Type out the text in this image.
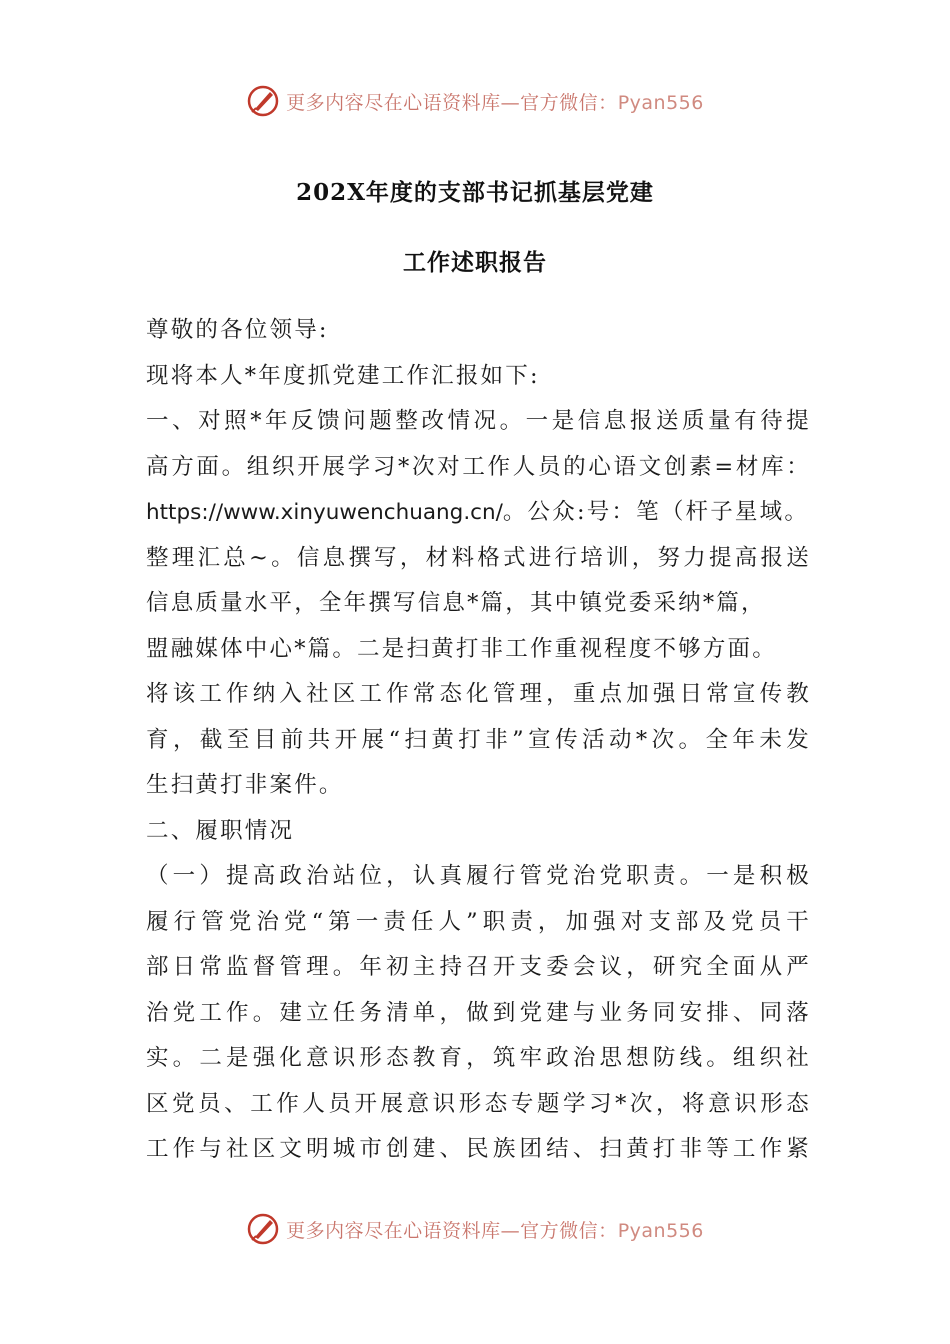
更多内容尽在心语资料库—官方微信：Pyan556
202X年度的支部书记抓基层党建
工作述职报告
尊敬的各位领导:
现将本人*年度抓党建工作汇报如下:
一、对照*年反馈问题整改情况。一是信息报送质量有待提
高方面。组织开展学习*次对工作人员的心语文创素=材库：
https://www.xinyuwenchuang.cn/。公众:号：笔（杆子星域。
整理汇总~。信息撰写，材料格式进行培训，努力提高报送
信息质量水平，全年撰写信息*篇，其中镇党委采纳*篇，
盟融媒体中心*篇。二是扫黄打非工作重视程度不够方面。
将该工作纳入社区工作常态化管理，重点加强日常宣传教
育，截至目前共开展“扫黄打非”宣传活动*次。全年未发
生扫黄打非案件。
二、履职情况
（一）提高政治站位，认真履行管党治党职责。一是积极
履行管党治党“第一责任人”职责，加强对支部及党员干
部日常监督管理。年初主持召开支委会议，研究全面从严
治党工作。建立任务清单，做到党建与业务同安排、同落
实。二是强化意识形态教育，筑牢政治思想防线。组织社
区党员、工作人员开展意识形态专题学习*次，将意识形态
工作与社区文明城市创建、民族团结、扫黄打非等工作紧
更多内容尽在心语资料库—官方微信：Pyan556
